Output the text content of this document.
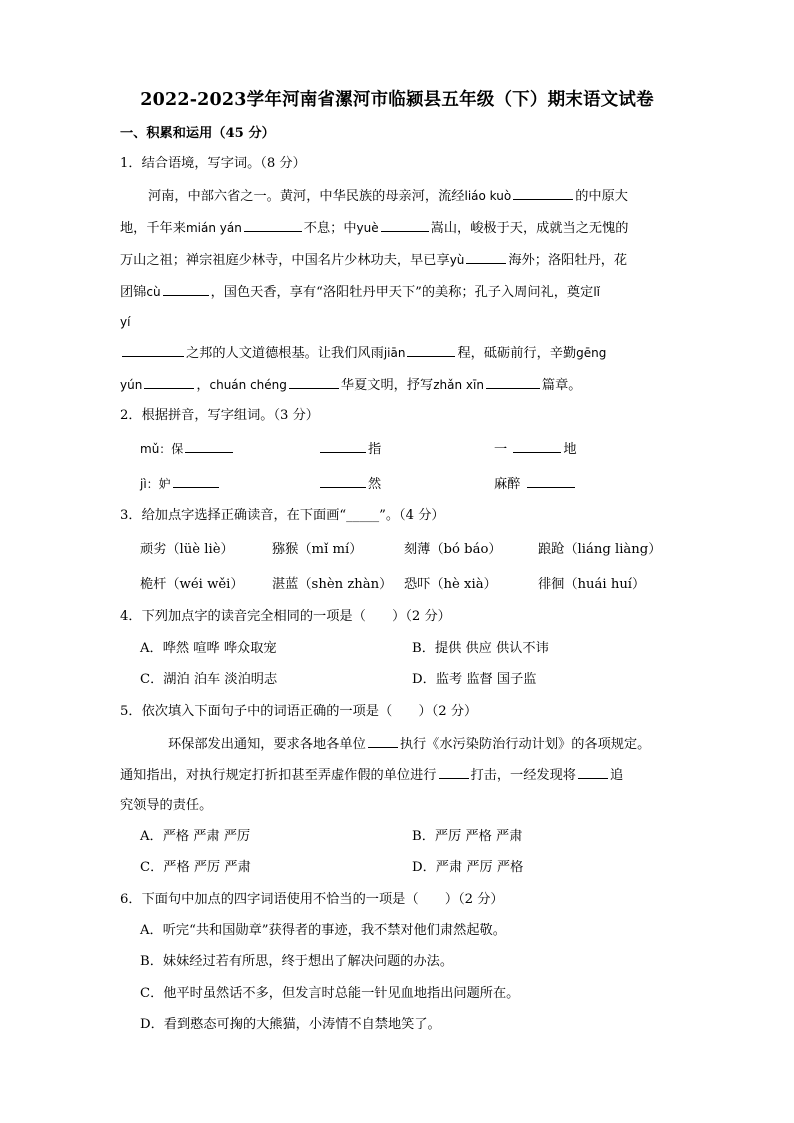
2022-2023学年河南省漯河市临颍县五年级（下）期末语文试卷
一、积累和运用（45 分）
1．结合语境，写字词。（8 分）
河南，中部六省之一。黄河，中华民族的母亲河，流经liáo kuò	的中原大
地，千年来mián yán	不息；中yuè	嵩山，峻极于天，成就当之无愧的
万山之祖；禅宗祖庭少林寺，中国名片少林功夫，早已享yù	海外；洛阳牡丹，花
团锦cù	，国色天香，享有“洛阳牡丹甲天下”的美称；孔子入周问礼，奠定lǐ
yí
之邦的人文道德根基。让我们风雨jiān	程，砥砺前行，辛勤gēng
yún	，chuán chéng	华夏文明，抒写zhǎn xīn	篇章。
2．根据拼音，写字组词。（3 分）
mǔ：保	指	一	地
jì：妒	然	麻醉
3．给加点字选择正确读音，在下面画“_____”。（4 分）
顽劣（lüè liè）	猕猴（mǐ mí）	刻薄（bó báo）	踉跄（liáng liàng）
桅杆（wéi wěi） 湛蓝（shèn zhàn） 恐吓（hè xià）	徘徊（huái huí）
4．下列加点字的读音完全相同的一项是（　　）（2 分）
A．哗然 喧哗 哗众取宠	B．提供 供应 供认不讳
C．湖泊 泊车 淡泊明志	D．监考 监督 国子监
5．依次填入下面句子中的词语正确的一项是（　　）（2 分）
环保部发出通知，要求各地各单位	执行《水污染防治行动计划》的各项规定。
通知指出，对执行规定打折扣甚至弄虚作假的单位进行	打击，一经发现将	追
究领导的责任。
A．严格 严肃 严厉	B．严厉 严格 严肃
C．严格 严厉 严肃	D．严肃 严厉 严格
6．下面句中加点的四字词语使用不恰当的一项是（　　）（2 分）
A．听完“共和国勋章”获得者的事迹，我不禁对他们肃然起敬。
B．妹妹经过若有所思，终于想出了解决问题的办法。
C．他平时虽然话不多，但发言时总能一针见血地指出问题所在。
D．看到憨态可掬的大熊猫，小涛情不自禁地笑了。
